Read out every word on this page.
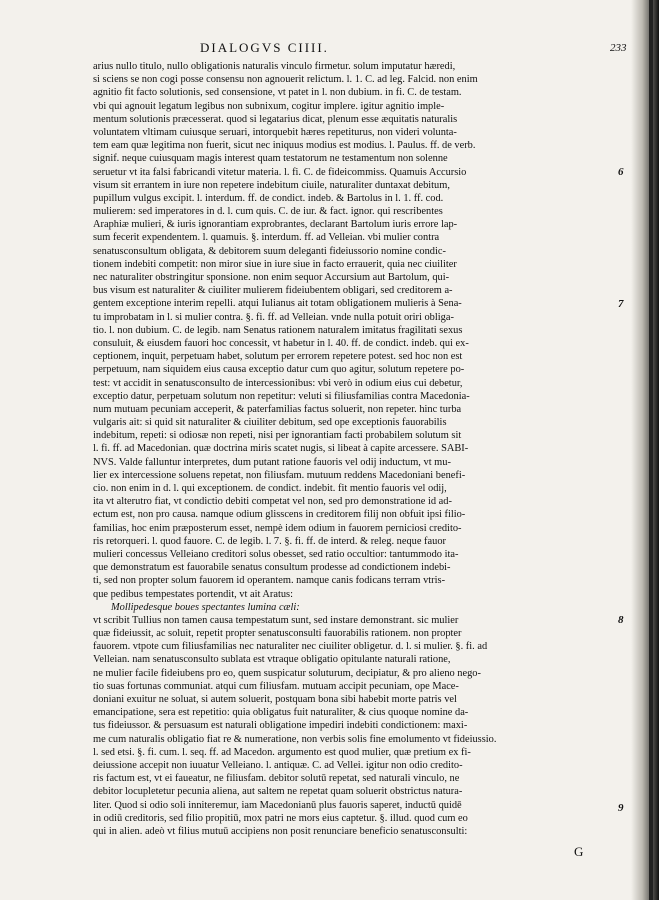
DIALOGVS CIIII.	233
arius nullo titulo, nullo obligationis naturalis vinculo firmetur. solum imputatur hæredi,
si sciens se non cogi posse consensu non agnouerit relictum. l. 1. C. ad leg. Falcid. non enim
agnitio fit facto solutionis, sed consensione, vt patet in l. non dubium. in fi. C. de testam.
vbi qui agnouit legatum legibus non subnixum, cogitur implere. igitur agnitio imple-
mentum solutionis præcesserat. quod si legatarius dicat, plenum esse æquitatis naturalis
voluntatem vltimam cuiusque seruari, intorquebit hæres repetiturus, non videri volunta-
tem eam quæ legitima non fuerit, sicut nec iniquus modius est modius. l. Paulus. ff. de verb.
signif. neque cuiusquam magis interest quam testatorum ne testamentum non solenne
seruetur vt ita falsi fabricandi vitetur materia. l. fi. C. de fideicommiss. Quamuis Accursio
visum sit errantem in iure non repetere indebitum ciuile, naturaliter duntaxat debitum,
pupillum vulgus excipit. l. interdum. ff. de condict. indeb. & Bartolus in l. 1. ff. cod.
mulierem: sed imperatores in d. l. cum quis. C. de iur. & fact. ignor. qui rescribentes
Araphiæ mulieri, & iuris ignorantiam exprobrantes, declarant Bartolum iuris errore lap-
sum fecerit expendentem. l. quamuis. §. interdum. ff. ad Velleian. vbi mulier contra
senatusconsultum obligata, & debitorem suum deleganti fideiussorio nomine condic-
tionem indebiti competit: non miror siue in iure siue in facto errauerit, quia nec ciuiliter
nec naturaliter obstringitur sponsione. non enim sequor Accursium aut Bartolum, qui-
bus visum est naturaliter & ciuiliter mulierem fideiubentem obligari, sed creditorem a-
gentem exceptione interim repelli. atqui Iulianus ait totam obligationem mulieris à Sena-
tu improbatam in l. si mulier contra. §. fi. ff. ad Velleian. vnde nulla potuit oriri obliga-
tio. l. non dubium. C. de legib. nam Senatus rationem naturalem imitatus fragilitati sexus
consuluit, & eiusdem fauori hoc concessit, vt habetur in l. 40. ff. de condict. indeb. qui ex-
ceptionem, inquit, perpetuam habet, solutum per errorem repetere potest. sed hoc non est
perpetuum, nam siquidem eius causa exceptio datur cum quo agitur, solutum repetere po-
test: vt accidit in senatusconsulto de intercessionibus: vbi verò in odium eius cui debetur,
exceptio datur, perpetuam solutum non repetitur: veluti si filiusfamilias contra Macedonia-
num mutuam pecuniam acceperit, & paterfamilias factus soluerit, non repeter. hinc turba
vulgaris ait: si quid sit naturaliter & ciuiliter debitum, sed ope exceptionis fauorabilis
indebitum, repeti: si odiosæ non repeti, nisi per ignorantiam facti probabilem solutum sit
l. fi. ff. ad Macedonian. quæ doctrina miris scatet nugis, si libeat à capite arcessere. SABI-
NVS. Valde falluntur interpretes, dum putant ratione fauoris vel odij inductum, vt mu-
lier ex intercessione soluens repetat, non filiusfam. mutuum reddens Macedoniani benefi-
cio. non enim in d. l. qui exceptionem. de condict. indebit. fit mentio fauoris vel odij,
ita vt alterutro fiat, vt condictio debiti competat vel non, sed pro demonstratione id ad-
ectum est, non pro causa. namque odium glisscens in creditorem filij non obfuit ipsi filio-
familias, hoc enim præposterum esset, nempè idem odium in fauorem perniciosi credito-
ris retorqueri. l. quod fauore. C. de legib. l. 7. §. fi. ff. de interd. & releg. neque fauor
mulieri concessus Velleiano creditori solus obesset, sed ratio occultior: tantummodo ita-
que demonstratum est fauorabile senatus consultum prodesse ad condictionem indebi-
ti, sed non propter solum fauorem id operantem. namque canis fodicans terram vtris-
que pedibus tempestates portendit, vt ait Aratus:
Mollipedesque boues spectantes lumina cæli:
vt scribit Tullius non tamen causa tempestatum sunt, sed instare demonstrant. sic mulier
quæ fideiussit, ac soluit, repetit propter senatusconsulti fauorabilis rationem. non propter
fauorem. vtpote cum filiusfamilias nec naturaliter nec ciuiliter obligetur. d. l. si mulier. §. fi. ad
Velleian. nam senatusconsulto sublata est vtraque obligatio opitulante naturali ratione,
ne mulier facile fideiubens pro eo, quem suspicatur soluturum, decipiatur, & pro alieno nego-
tio suas fortunas communiat. atqui cum filiusfam. mutuam accipit pecuniam, ope Mace-
doniani exuitur ne soluat, si autem soluerit, postquam bona sibi habebit morte patris vel
emancipatione, sera est repetitio: quia obligatus fuit naturaliter, & cius quoque nomine da-
tus fideiussor. & persuasum est naturali obligatione impediri indebiti condictionem: maxi-
me cum naturalis obligatio fiat re & numeratione, non verbis solis fine emolumento vt fideiussio.
l. sed etsi. §. fi. cum. l. seq. ff. ad Macedon. argumento est quod mulier, quæ pretium ex fi-
deiussione accepit non iuuatur Velleiano. l. antiquæ. C. ad Vellei. igitur non odio credito-
ris factum est, vt ei faueatur, ne filiusfam. debitor solutū repetat, sed naturali vinculo, ne
debitor locupletetur pecunia aliena, aut saltem ne repetat quam soluerit obstrictus natura-
liter. Quod si odio soli inniteremur, iam Macedonianū plus fauoris saperet, inductū quidē
in odiū creditoris, sed filio propitiū, mox patri ne mors eius captetur. §. illud. quod cum eo
qui in alien. adeò vt filius mutuū accipiens non posit renunciare beneficio senatusconsulti:
6
7
8
9
G
